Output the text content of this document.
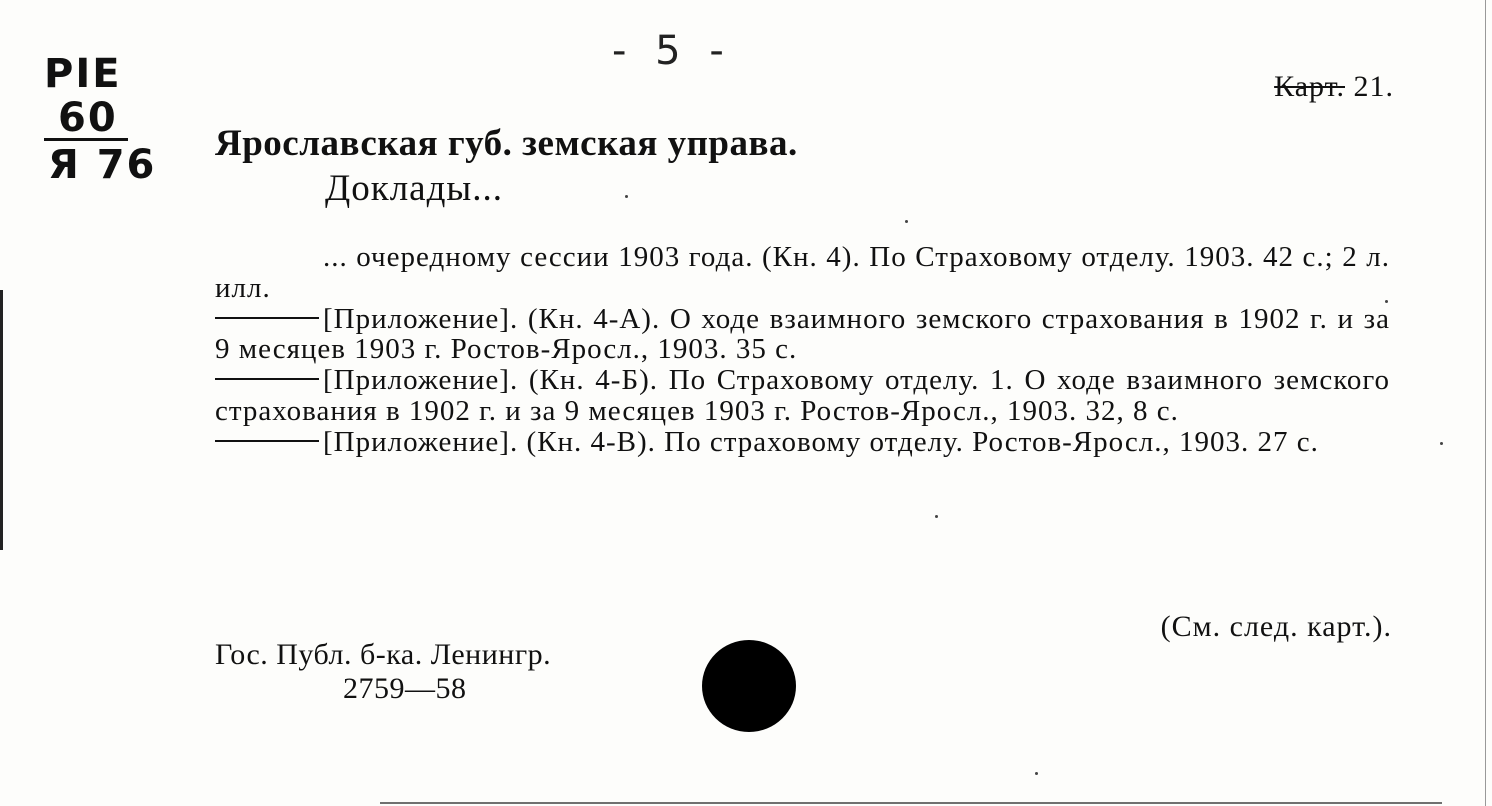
PIE
60
Я 76
- 5 -
Карт. 21.
Ярославская губ. земская управа.
Доклады...

... очередному сессии 1903 года. (Кн. 4). По Страховому отделу. 1903. 42 с.; 2 л. илл.

[Приложение]. (Кн. 4-А). О ходе взаимного земского страхования в 1902 г. и за 9 месяцев 1903 г. Ростов-Яросл., 1903. 35 с.

[Приложение]. (Кн. 4-Б). По Страховому отделу. 1. О ходе взаимного земского страхования в 1902 г. и за 9 месяцев 1903 г. Ростов-Яросл., 1903. 32, 8 с.

[Приложение]. (Кн. 4-В). По страховому отделу. Ростов-Яросл., 1903. 27 с.

(См. след. карт.).
Гос. Публ. б-ка. Ленингр.
2759—58
